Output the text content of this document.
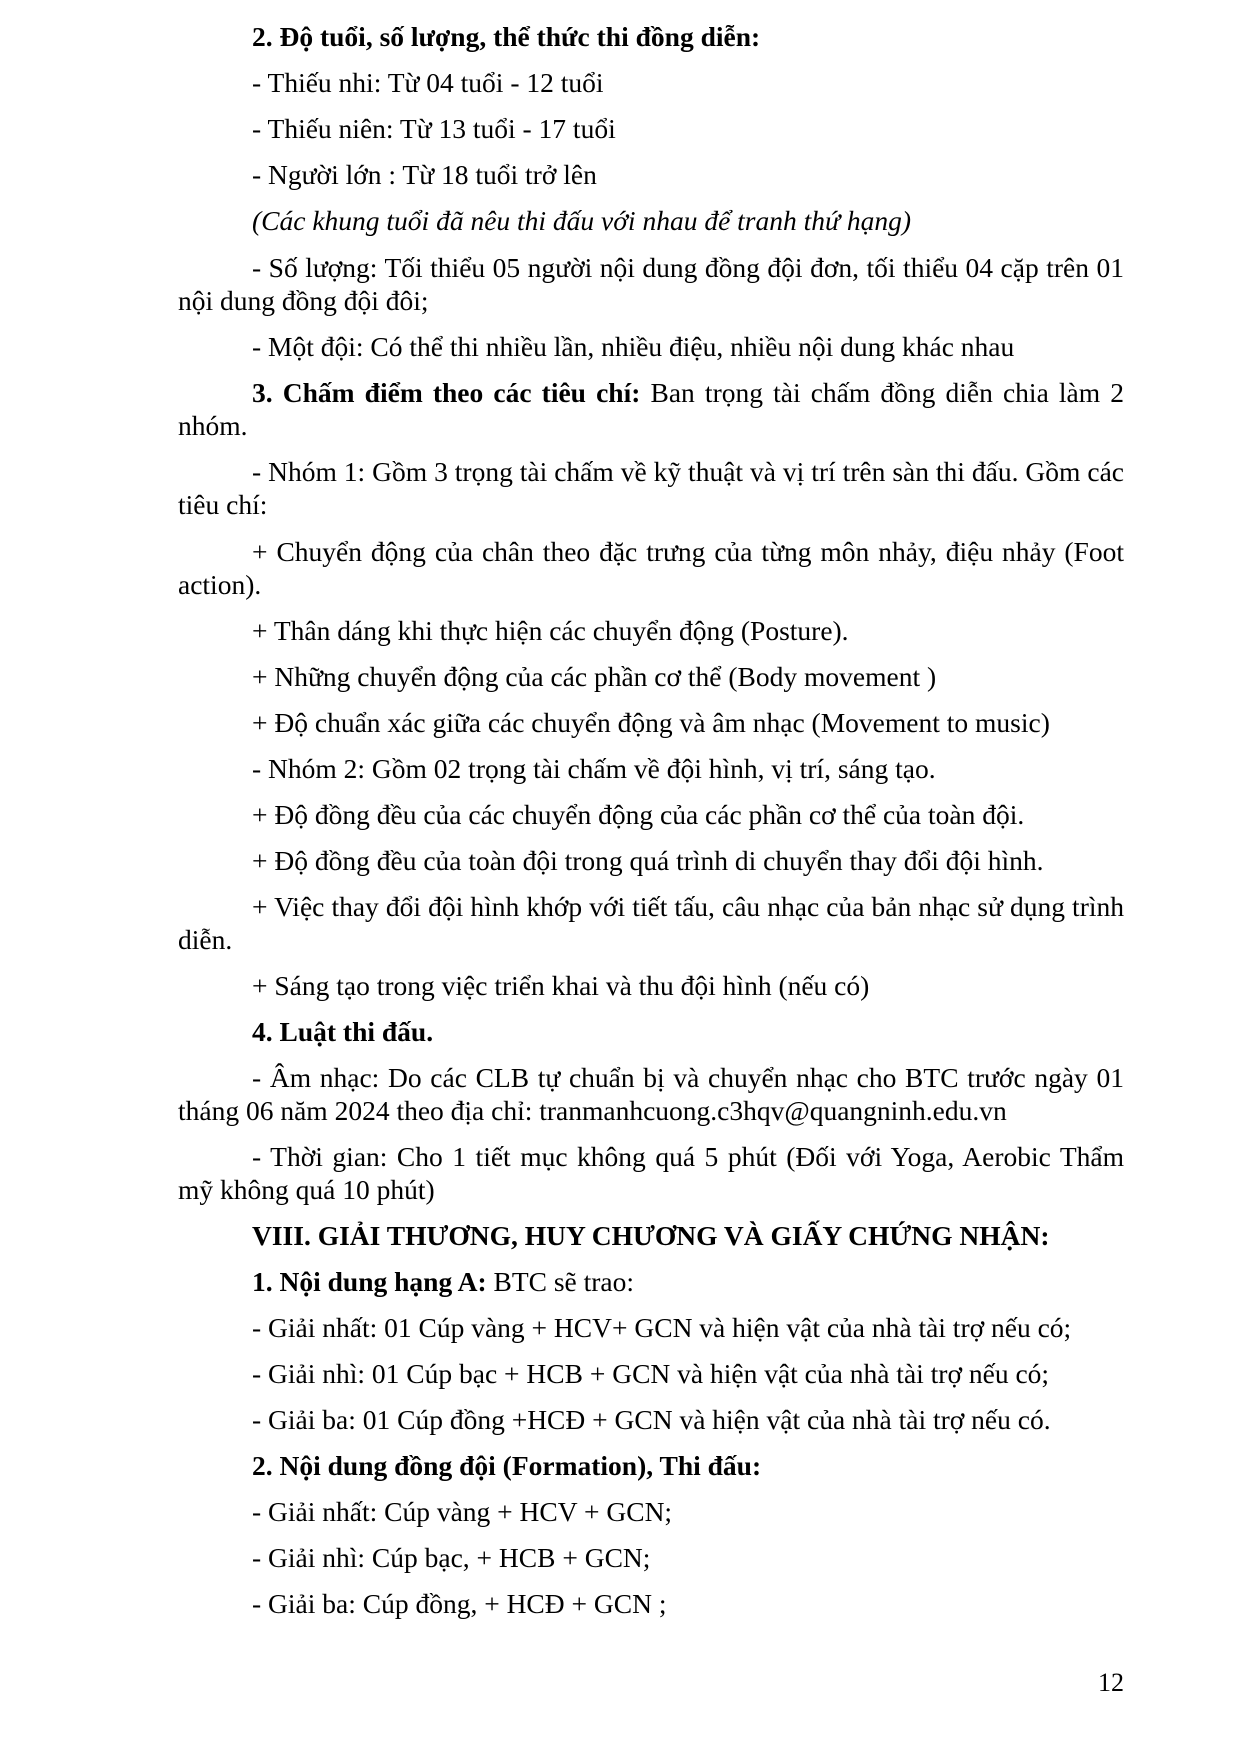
2. Độ tuổi, số lượng, thể thức thi đồng diễn:
- Thiếu nhi: Từ 04 tuổi - 12 tuổi
- Thiếu niên: Từ 13 tuổi - 17 tuổi
- Người lớn : Từ 18 tuổi trở lên
(Các khung tuổi đã nêu thi đấu với nhau để tranh thứ hạng)
- Số lượng: Tối thiểu 05 người nội dung đồng đội đơn, tối thiểu 04 cặp trên 01 nội dung đồng đội đôi;
- Một đội: Có thể thi nhiều lần, nhiều điệu, nhiều nội dung khác nhau
3. Chấm điểm theo các tiêu chí: Ban trọng tài chấm đồng diễn chia làm 2 nhóm.
- Nhóm 1: Gồm 3 trọng tài chấm về kỹ thuật và vị trí trên sàn thi đấu. Gồm các tiêu chí:
+ Chuyển động của chân theo đặc trưng của từng môn nhảy, điệu nhảy (Foot action).
+ Thân dáng khi thực hiện các chuyển động (Posture).
+ Những chuyển động của các phần cơ thể (Body movement )
+ Độ chuẩn xác giữa các chuyển động và âm nhạc (Movement to music)
- Nhóm 2: Gồm 02 trọng tài chấm về đội hình, vị trí, sáng tạo.
+ Độ đồng đều của các chuyển động của các phần cơ thể của toàn đội.
+ Độ đồng đều của toàn đội trong quá trình di chuyển thay đổi đội hình.
+ Việc thay đổi đội hình khớp với tiết tấu, câu nhạc của bản nhạc sử dụng trình diễn.
+ Sáng tạo trong việc triển khai và thu đội hình (nếu có)
4. Luật thi đấu.
- Âm nhạc: Do các CLB tự chuẩn bị và chuyển nhạc cho BTC trước ngày 01 tháng 06 năm 2024 theo địa chỉ: tranmanhcuong.c3hqv@quangninh.edu.vn
- Thời gian: Cho 1 tiết mục không quá 5 phút (Đối với Yoga, Aerobic Thẩm mỹ không quá 10 phút)
VIII. GIẢI THƯƠNG, HUY CHƯƠNG VÀ GIẤY CHỨNG NHẬN:
1. Nội dung hạng A: BTC sẽ trao:
- Giải nhất: 01 Cúp vàng + HCV+ GCN và hiện vật của nhà tài trợ nếu có;
- Giải nhì: 01 Cúp bạc + HCB + GCN và hiện vật của nhà tài trợ nếu có;
- Giải ba: 01 Cúp đồng +HCĐ + GCN và hiện vật của nhà tài trợ nếu có.
2. Nội dung đồng đội (Formation), Thi đấu:
- Giải nhất: Cúp vàng + HCV + GCN;
- Giải nhì: Cúp bạc, + HCB + GCN;
- Giải ba: Cúp đồng, + HCĐ + GCN ;
12
